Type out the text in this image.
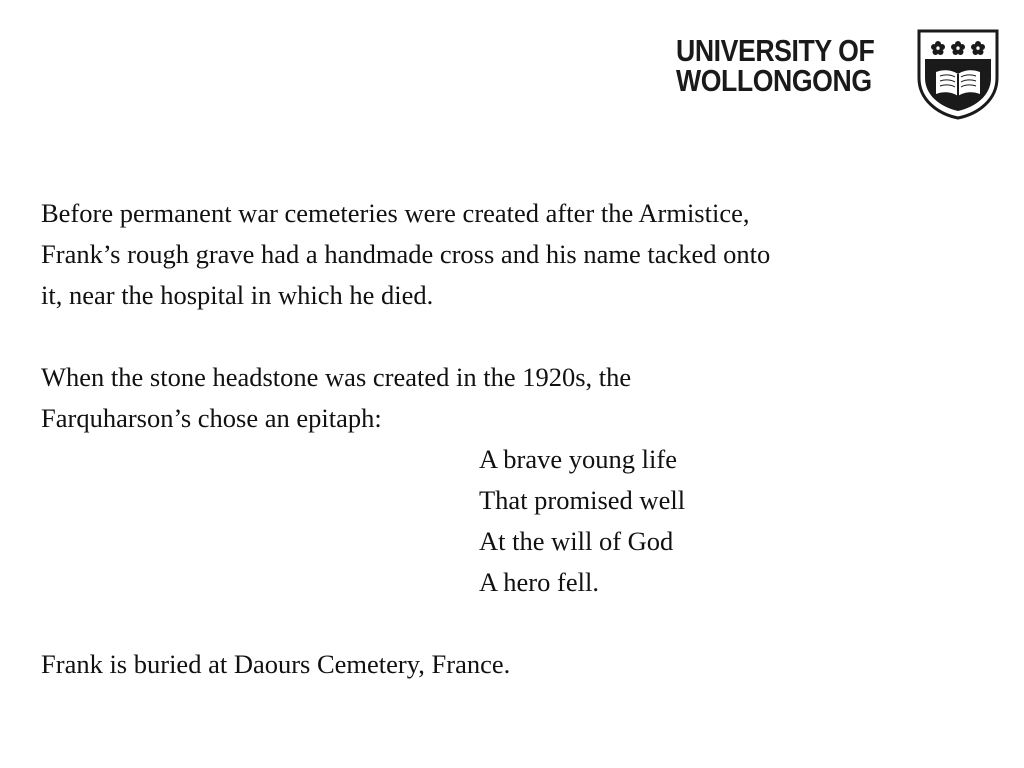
UNIVERSITY OF
WOLLONGONG
Before permanent war cemeteries were created after the Armistice,
Frank’s rough grave had a handmade cross and his name tacked onto
it, near the hospital in which he died.
When the stone headstone was created in the 1920s, the
Farquharson’s chose an epitaph:
A brave young life
That promised well
At the will of God
A hero fell.
Frank is buried at Daours Cemetery, France.
